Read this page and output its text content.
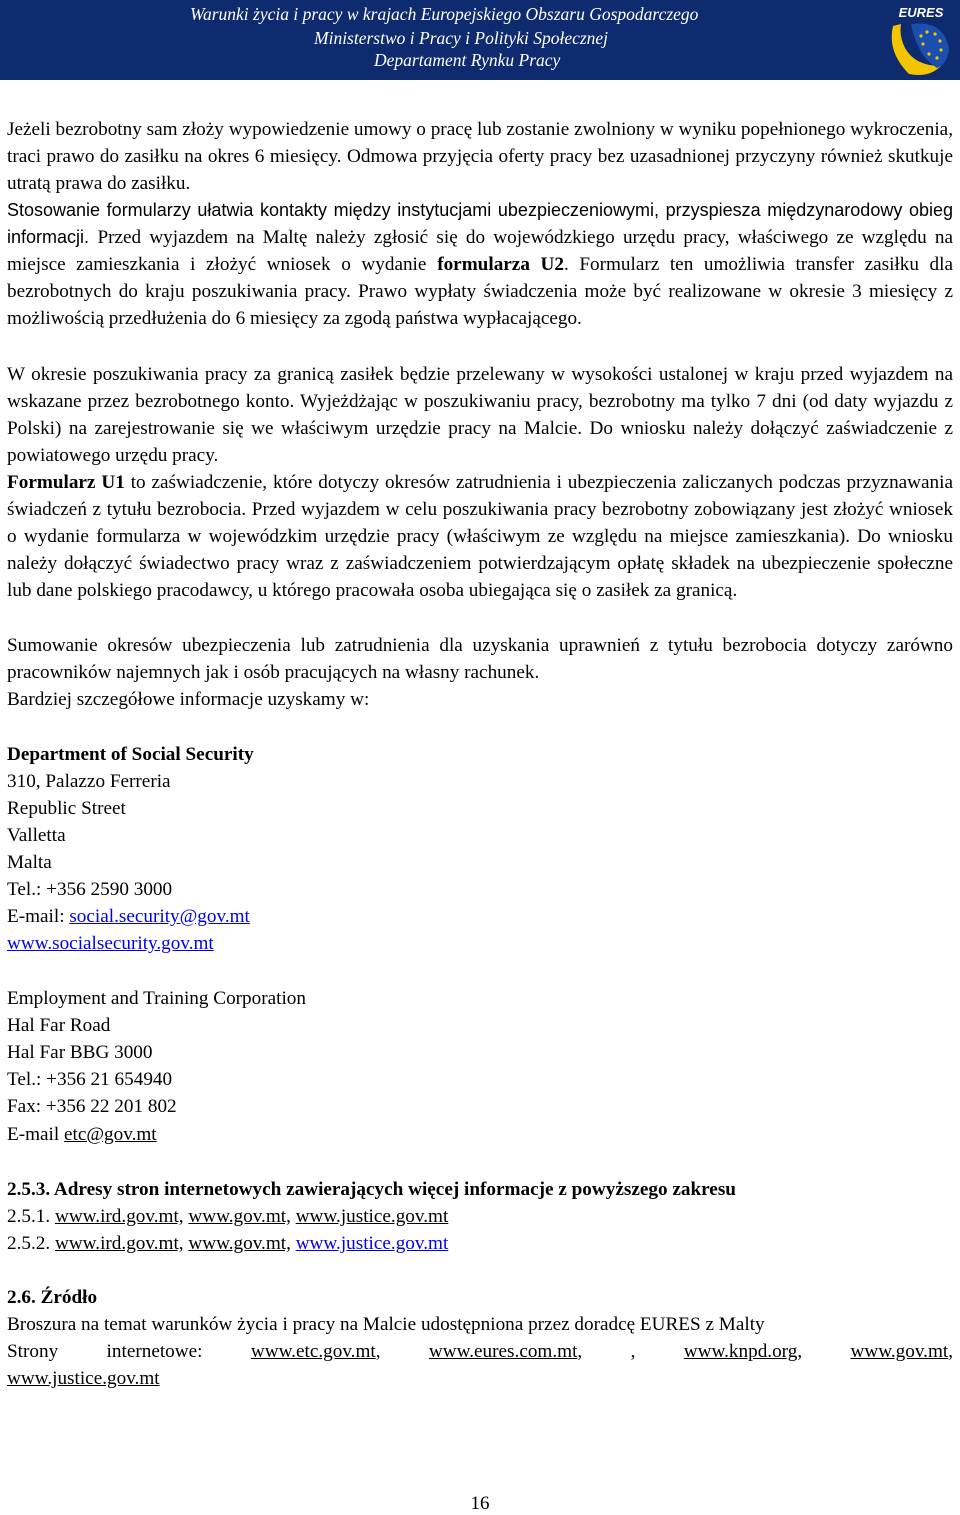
Warunki życia i pracy w krajach Europejskiego Obszaru Gospodarczego
Ministerstwo i Pracy i Polityki Społecznej
Departament Rynku Pracy
EURES

Jeżeli bezrobotny sam złoży wypowiedzenie umowy o pracę lub zostanie zwolniony w wyniku popełnionego wykroczenia, traci prawo do zasiłku na okres 6 miesięcy. Odmowa przyjęcia oferty pracy bez uzasadnionej przyczyny również skutkuje utratą prawa do zasiłku.

Stosowanie formularzy ułatwia kontakty między instytucjami ubezpieczeniowymi, przyspiesza międzynarodowy obieg informacji. Przed wyjazdem na Maltę należy zgłosić się do wojewódzkiego urzędu pracy, właściwego ze względu na miejsce zamieszkania i złożyć wniosek o wydanie formularza U2. Formularz ten umożliwia transfer zasiłku dla bezrobotnych do kraju poszukiwania pracy. Prawo wypłaty świadczenia może być realizowane w okresie 3 miesięcy z możliwością przedłużenia do 6 miesięcy za zgodą państwa wypłacającego.

W okresie poszukiwania pracy za granicą zasiłek będzie przelewany w wysokości ustalonej w kraju przed wyjazdem na wskazane przez bezrobotnego konto. Wyjeżdżając w poszukiwaniu pracy, bezrobotny ma tylko 7 dni (od daty wyjazdu z Polski) na zarejestrowanie się we właściwym urzędzie pracy na Malcie. Do wniosku należy dołączyć zaświadczenie z powiatowego urzędu pracy.

Formularz U1 to zaświadczenie, które dotyczy okresów zatrudnienia i ubezpieczenia zaliczanych podczas przyznawania świadczeń z tytułu bezrobocia. Przed wyjazdem w celu poszukiwania pracy bezrobotny zobowiązany jest złożyć wniosek o wydanie formularza w wojewódzkim urzędzie pracy (właściwym ze względu na miejsce zamieszkania). Do wniosku należy dołączyć świadectwo pracy wraz z zaświadczeniem potwierdzającym opłatę składek na ubezpieczenie społeczne lub dane polskiego pracodawcy, u którego pracowała osoba ubiegająca się o zasiłek za granicą.

Sumowanie okresów ubezpieczenia lub zatrudnienia dla uzyskania uprawnień z tytułu bezrobocia dotyczy zarówno pracowników najemnych jak i osób pracujących na własny rachunek.

Bardziej szczegółowe informacje uzyskamy w:

Department of Social Security

310, Palazzo Ferreria

Republic Street

Valletta

Malta

Tel.: +356 2590 3000

E-mail: social.security@gov.mt

www.socialsecurity.gov.mt

Employment and Training Corporation

Hal Far Road

Hal Far BBG 3000

Tel.: +356 21 654940

Fax: +356 22 201 802

E-mail etc@gov.mt

2.5.3. Adresy stron internetowych zawierających więcej informacje z powyższego zakresu

2.5.1. www.ird.gov.mt, www.gov.mt, www.justice.gov.mt

2.5.2. www.ird.gov.mt, www.gov.mt, www.justice.gov.mt

2.6. Źródło

Broszura na temat warunków życia i pracy na Malcie udostępniona przez doradcę EURES z Malty

Strony internetowe:	www.etc.gov.mt,	www.eures.com.mt, ,	www.knpd.org,	www.gov.mt,

www.justice.gov.mt

16
